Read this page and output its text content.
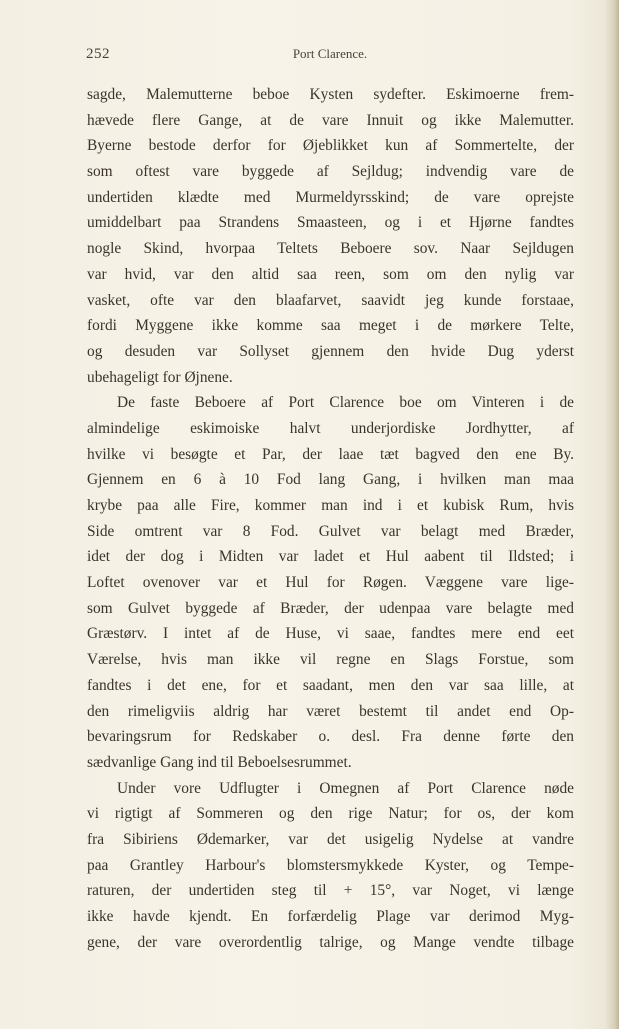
252	Port Clarence.
sagde, Malemutterne beboe Kysten sydefter. Eskimoerne frem-
hævede flere Gange, at de vare Innuit og ikke Malemutter.
Byerne bestode derfor for Øjeblikket kun af Sommertelte, der
som oftest vare byggede af Sejldug; indvendig vare de
undertiden klædte med Murmeldyrsskind; de vare oprejste
umiddelbart paa Strandens Smaasteen, og i et Hjørne fandtes
nogle Skind, hvorpaa Teltets Beboere sov. Naar Sejldugen
var hvid, var den altid saa reen, som om den nylig var
vasket, ofte var den blaafarvet, saavidt jeg kunde forstaae,
fordi Myggene ikke komme saa meget i de mørkere Telte,
og desuden var Sollyset gjennem den hvide Dug yderst
ubehageligt for Øjnene.
De faste Beboere af Port Clarence boe om Vinteren i de
almindelige eskimoiske halvt underjordiske Jordhytter, af
hvilke vi besøgte et Par, der laae tæt bagved den ene By.
Gjennem en 6 à 10 Fod lang Gang, i hvilken man maa
krybe paa alle Fire, kommer man ind i et kubisk Rum, hvis
Side omtrent var 8 Fod. Gulvet var belagt med Bræder,
idet der dog i Midten var ladet et Hul aabent til Ildsted; i
Loftet ovenover var et Hul for Røgen. Væggene vare lige-
som Gulvet byggede af Bræder, der udenpaa vare belagte med
Græstørv. I intet af de Huse, vi saae, fandtes mere end eet
Værelse, hvis man ikke vil regne en Slags Forstue, som
fandtes i det ene, for et saadant, men den var saa lille, at
den rimeligviis aldrig har været bestemt til andet end Op-
bevaringsrum for Redskaber o. desl. Fra denne førte den
sædvanlige Gang ind til Beboelsesrummet.
Under vore Udflugter i Omegnen af Port Clarence nøde
vi rigtigt af Sommeren og den rige Natur; for os, der kom
fra Sibiriens Ødemarker, var det usigelig Nydelse at vandre
paa Grantley Harbour's blomstersmykkede Kyster, og Tempe-
raturen, der undertiden steg til + 15°, var Noget, vi længe
ikke havde kjendt. En forfærdelig Plage var derimod Myg-
gene, der vare overordentlig talrige, og Mange vendte tilbage
